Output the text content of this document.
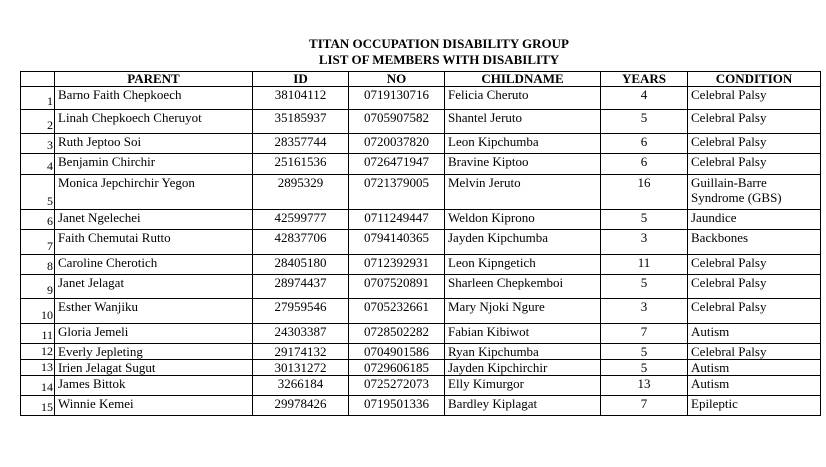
TITAN OCCUPATION DISABILITY GROUP
LIST OF MEMBERS WITH DISABILITY
	PARENT	ID	NO	CHILDNAME	YEARS	CONDITION
1	Barno Faith Chepkoech	38104112	0719130716	Felicia Cheruto	4	Celebral Palsy
2	Linah Chepkoech Cheruyot	35185937	0705907582	Shantel Jeruto	5	Celebral Palsy
3	Ruth Jeptoo Soi	28357744	0720037820	Leon Kipchumba	6	Celebral Palsy
4	Benjamin Chirchir	25161536	0726471947	Bravine Kiptoo	6	Celebral Palsy
5	Monica Jepchirchir Yegon	2895329	0721379005	Melvin Jeruto	16	Guillain-Barre Syndrome (GBS)
6	Janet Ngelechei	42599777	0711249447	Weldon Kiprono	5	Jaundice
7	Faith Chemutai Rutto	42837706	0794140365	Jayden Kipchumba	3	Backbones
8	Caroline Cherotich	28405180	0712392931	Leon Kipngetich	11	Celebral Palsy
9	Janet Jelagat	28974437	0707520891	Sharleen Chepkemboi	5	Celebral Palsy
10	Esther Wanjiku	27959546	0705232661	Mary Njoki Ngure	3	Celebral Palsy
11	Gloria Jemeli	24303387	0728502282	Fabian Kibiwot	7	Autism
12	Everly Jepleting	29174132	0704901586	Ryan Kipchumba	5	Celebral Palsy
13	Irien Jelagat Sugut	30131272	0729606185	Jayden Kipchirchir	5	Autism
14	James Bittok	3266184	0725272073	Elly Kimurgor	13	Autism
15	Winnie Kemei	29978426	0719501336	Bardley Kiplagat	7	Epileptic
